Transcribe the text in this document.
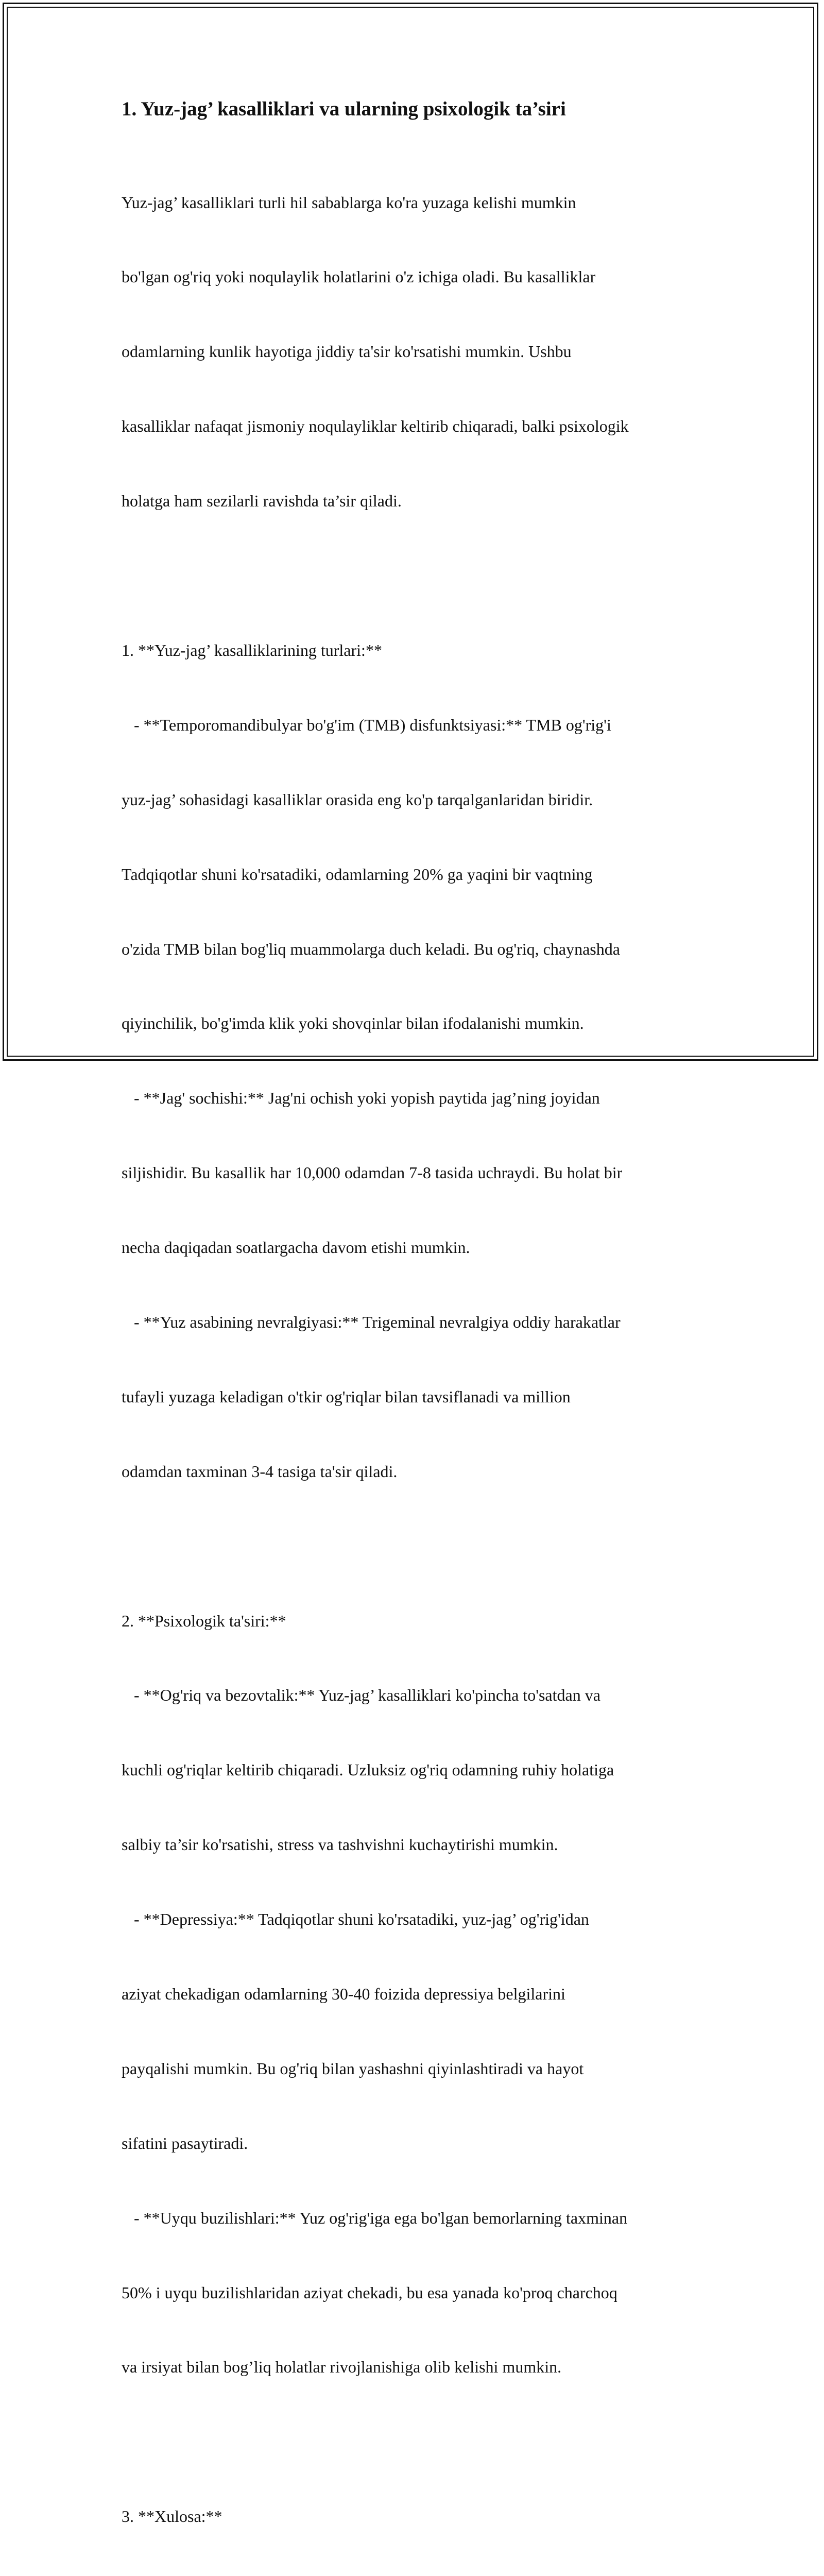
1. Yuz-jag’ kasalliklari va ularning psixologik ta’siri

Yuz-jag’ kasalliklari turli hil sabablarga ko'ra yuzaga kelishi mumkin

bo'lgan og'riq yoki noqulaylik holatlarini o'z ichiga oladi. Bu kasalliklar

odamlarning kunlik hayotiga jiddiy ta'sir ko'rsatishi mumkin. Ushbu

kasalliklar nafaqat jismoniy noqulayliklar keltirib chiqaradi, balki psixologik

holatga ham sezilarli ravishda ta’sir qiladi.

1. **Yuz-jag’ kasalliklarining turlari:**

- **Temporomandibulyar bo'g'im (TMB) disfunktsiyasi:** TMB og'rig'i

yuz-jag’ sohasidagi kasalliklar orasida eng ko'p tarqalganlaridan biridir.

Tadqiqotlar shuni ko'rsatadiki, odamlarning 20% ga yaqini bir vaqtning

o'zida TMB bilan bog'liq muammolarga duch keladi. Bu og'riq, chaynashda

qiyinchilik, bo'g'imda klik yoki shovqinlar bilan ifodalanishi mumkin.

- **Jag' sochishi:** Jag'ni ochish yoki yopish paytida jag’ning joyidan

siljishidir. Bu kasallik har 10,000 odamdan 7-8 tasida uchraydi. Bu holat bir

necha daqiqadan soatlargacha davom etishi mumkin.

- **Yuz asabining nevralgiyasi:** Trigeminal nevralgiya oddiy harakatlar

tufayli yuzaga keladigan o'tkir og'riqlar bilan tavsiflanadi va million

odamdan taxminan 3-4 tasiga ta'sir qiladi.

2. **Psixologik ta'siri:**

- **Og'riq va bezovtalik:** Yuz-jag’ kasalliklari ko'pincha to'satdan va

kuchli og'riqlar keltirib chiqaradi. Uzluksiz og'riq odamning ruhiy holatiga

salbiy ta’sir ko'rsatishi, stress va tashvishni kuchaytirishi mumkin.

- **Depressiya:** Tadqiqotlar shuni ko'rsatadiki, yuz-jag’ og'rig'idan

aziyat chekadigan odamlarning 30-40 foizida depressiya belgilarini

payqalishi mumkin. Bu og'riq bilan yashashni qiyinlashtiradi va hayot

sifatini pasaytiradi.

- **Uyqu buzilishlari:** Yuz og'rig'iga ega bo'lgan bemorlarning taxminan

50% i uyqu buzilishlaridan aziyat chekadi, bu esa yanada ko'proq charchoq

va irsiyat bilan bog’liq holatlar rivojlanishiga olib kelishi mumkin.

3. **Xulosa:**
